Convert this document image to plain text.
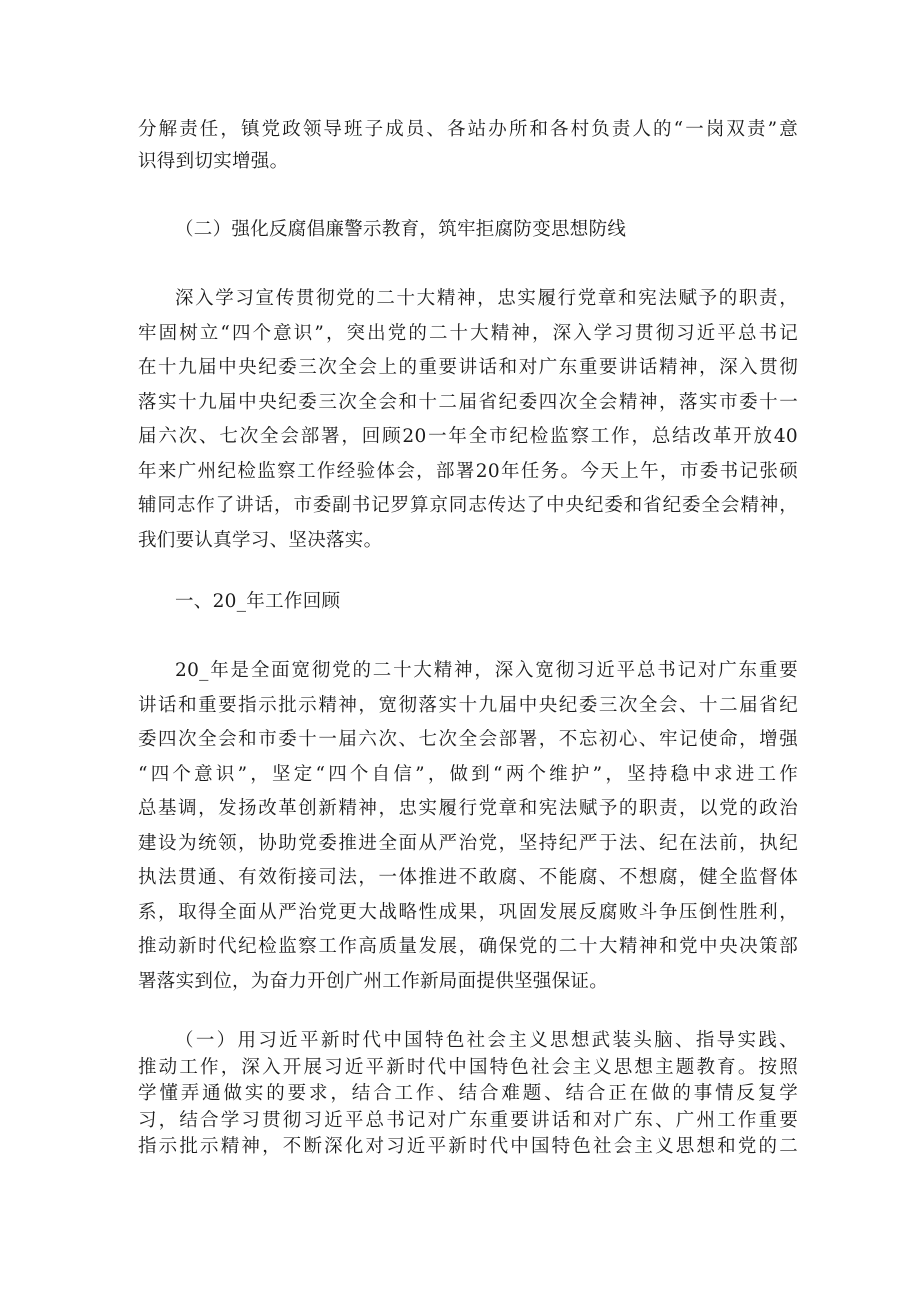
分解责任，镇党政领导班子成员、各站办所和各村负责人的“一岗双责”意
识得到切实增强。

（二）强化反腐倡廉警示教育，筑牢拒腐防变思想防线

深入学习宣传贯彻党的二十大精神，忠实履行党章和宪法赋予的职责，
牢固树立“四个意识”，突出党的二十大精神，深入学习贯彻习近平总书记
在十九届中央纪委三次全会上的重要讲话和对广东重要讲话精神，深入贯彻
落实十九届中央纪委三次全会和十二届省纪委四次全会精神，落实市委十一
届六次、七次全会部署，回顾20一年全市纪检监察工作，总结改革开放40
年来广州纪检监察工作经验体会，部署20年任务。今天上午，市委书记张硕
辅同志作了讲话，市委副书记罗算京同志传达了中央纪委和省纪委全会精神，
我们要认真学习、坚决落实。

一、20_年工作回顾

20_年是全面宽彻党的二十大精神，深入宽彻习近平总书记对广东重要
讲话和重要指示批示精神，宽彻落实十九届中央纪委三次全会、十二届省纪
委四次全会和市委十一届六次、七次全会部署，不忘初心、牢记使命，增强
“四个意识”，坚定“四个自信”，做到“两个维护”，坚持稳中求进工作
总基调，发扬改革创新精神，忠实履行党章和宪法赋予的职责，以党的政治
建设为统领，协助党委推进全面从严治党，坚持纪严于法、纪在法前，执纪
执法贯通、有效衔接司法，一体推进不敢腐、不能腐、不想腐，健全监督体
系，取得全面从严治党更大战略性成果，巩固发展反腐败斗争压倒性胜利，
推动新时代纪检监察工作高质量发展，确保党的二十大精神和党中央决策部
署落实到位，为奋力开创广州工作新局面提供坚强保证。

（一）用习近平新时代中国特色社会主义思想武装头脑、指导实践、
推动工作，深入开展习近平新时代中国特色社会主义思想主题教育。按照
学懂弄通做实的要求，结合工作、结合难题、结合正在做的事情反复学
习，结合学习贯彻习近平总书记对广东重要讲话和对广东、广州工作重要
指示批示精神，不断深化对习近平新时代中国特色社会主义思想和党的二
